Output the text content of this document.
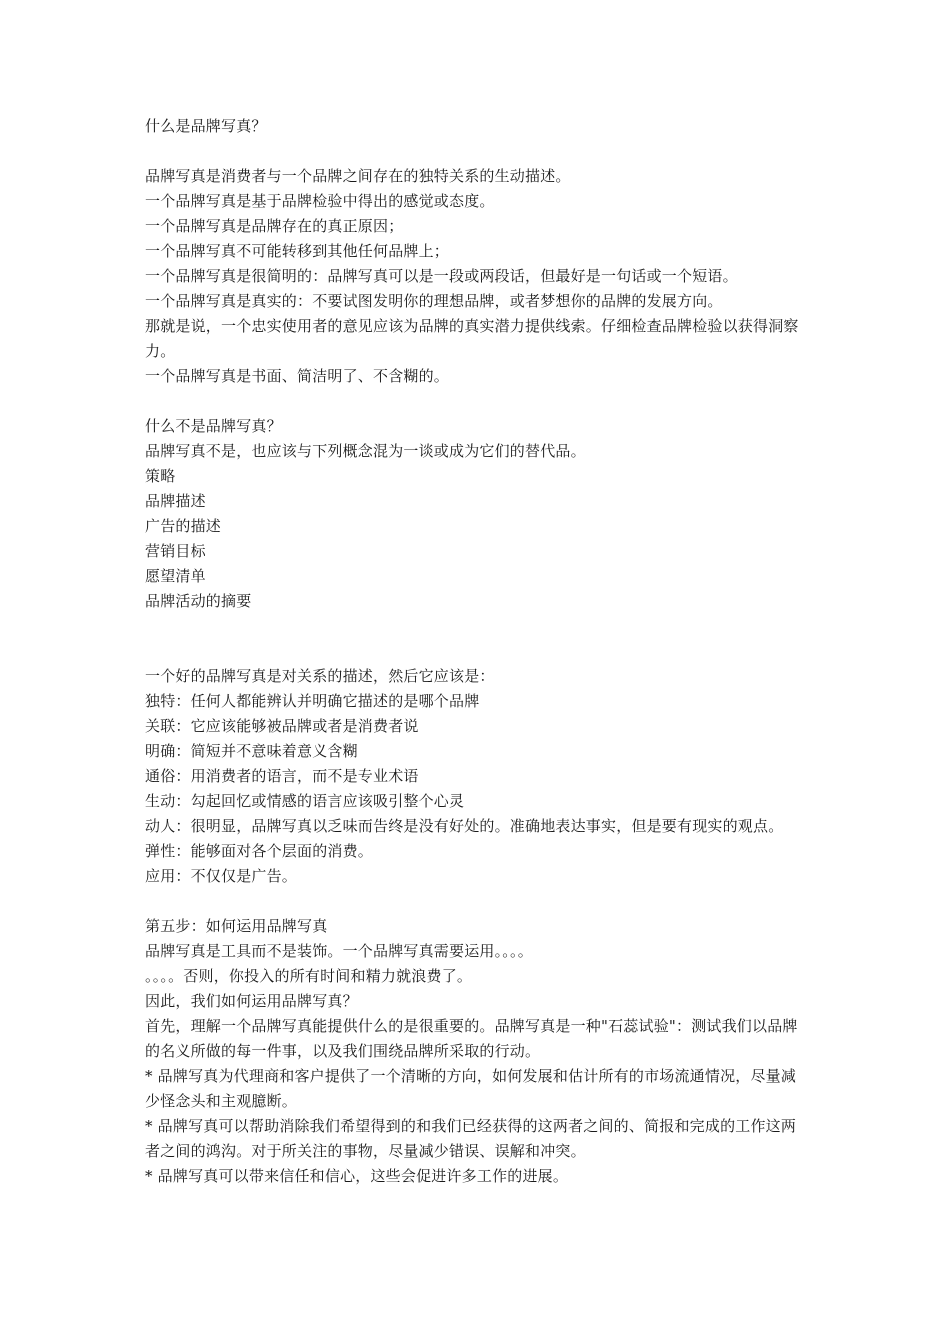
什么是品牌写真？
品牌写真是消费者与一个品牌之间存在的独特关系的生动描述。
一个品牌写真是基于品牌检验中得出的感觉或态度。
一个品牌写真是品牌存在的真正原因；
一个品牌写真不可能转移到其他任何品牌上；
一个品牌写真是很简明的：品牌写真可以是一段或两段话，但最好是一句话或一个短语。
一个品牌写真是真实的：不要试图发明你的理想品牌，或者梦想你的品牌的发展方向。
那就是说，一个忠实使用者的意见应该为品牌的真实潜力提供线索。仔细检查品牌检验以获得洞察力。
一个品牌写真是书面、简洁明了、不含糊的。
什么不是品牌写真？
品牌写真不是，也应该与下列概念混为一谈或成为它们的替代品。
策略
品牌描述
广告的描述
营销目标
愿望清单
品牌活动的摘要
一个好的品牌写真是对关系的描述，然后它应该是：
独特：任何人都能辨认并明确它描述的是哪个品牌
关联：它应该能够被品牌或者是消费者说
明确：简短并不意味着意义含糊
通俗：用消费者的语言，而不是专业术语
生动：勾起回忆或情感的语言应该吸引整个心灵
动人：很明显，品牌写真以乏味而告终是没有好处的。准确地表达事实，但是要有现实的观点。
弹性：能够面对各个层面的消费。
应用：不仅仅是广告。
第五步：如何运用品牌写真
品牌写真是工具而不是装饰。一个品牌写真需要运用。。。。
。。。。否则，你投入的所有时间和精力就浪费了。
因此，我们如何运用品牌写真？
首先，理解一个品牌写真能提供什么的是很重要的。品牌写真是一种"石蕊试验"：测试我们以品牌的名义所做的每一件事，以及我们围绕品牌所采取的行动。
* 品牌写真为代理商和客户提供了一个清晰的方向，如何发展和估计所有的市场流通情况，尽量减少怪念头和主观臆断。
* 品牌写真可以帮助消除我们希望得到的和我们已经获得的这两者之间的、简报和完成的工作这两者之间的鸿沟。对于所关注的事物，尽量减少错误、误解和冲突。
* 品牌写真可以带来信任和信心，这些会促进许多工作的进展。
